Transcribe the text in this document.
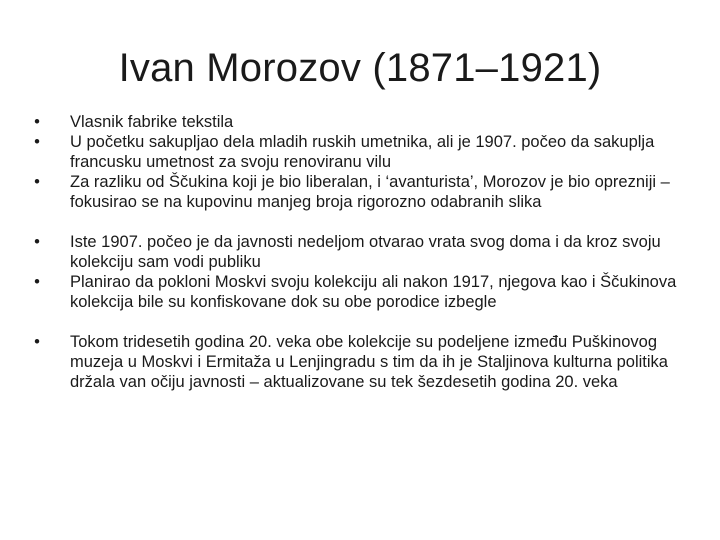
Ivan Morozov (1871–1921)
• Vlasnik fabrike tekstila
• U početku sakupljao dela mladih ruskih umetnika, ali je 1907. počeo da sakuplja francusku umetnost za svoju renoviranu vilu
• Za razliku od Ščukina koji je bio liberalan, i ‘avanturista’, Morozov je bio oprezniji – fokusirao se na kupovinu manjeg broja rigorozno odabranih slika
• Iste 1907. počeo je da javnosti nedeljom otvarao vrata svog doma i da kroz svoju kolekciju sam vodi publiku
• Planirao da pokloni Moskvi svoju kolekciju ali nakon 1917, njegova kao i Ščukinova kolekcija bile su konfiskovane dok su obe porodice izbegle
• Tokom tridesetih godina 20. veka obe kolekcije su podeljene između Puškinovog muzeja u Moskvi i Ermitaža u Lenjingradu s tim da ih je Staljinova kulturna politika držala van očiju javnosti – aktualizovane su tek šezdesetih godina 20. veka
